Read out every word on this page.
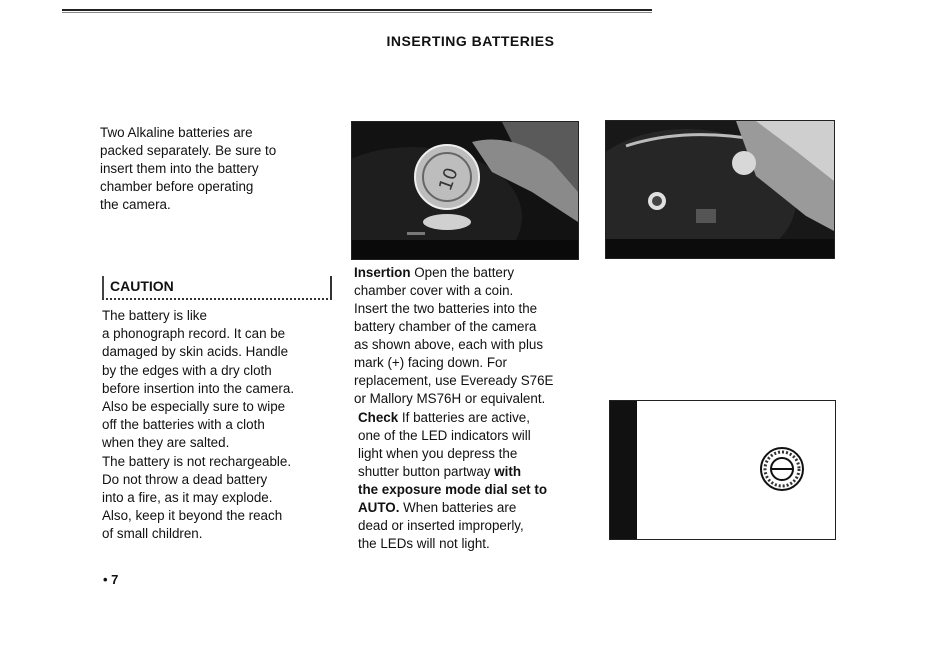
INSERTING BATTERIES
Two Alkaline batteries are
packed separately. Be sure to
insert them into the battery
chamber before operating
the camera.
CAUTION
The battery is like
a phonograph record. It can be
damaged by skin acids. Handle
by the edges with a dry cloth
before insertion into the camera.
Also be especially sure to wipe
off the batteries with a cloth
when they are salted.
The battery is not rechargeable.
Do not throw a dead battery
into a fire, as it may explode.
Also, keep it beyond the reach
of small children.
10
Insertion Open the battery
chamber cover with a coin.
Insert the two batteries into the
battery chamber of the camera
as shown above, each with plus
mark (+) facing down. For
replacement, use Eveready S76E
or Mallory MS76H or equivalent.
Check If batteries are active,
one of the LED indicators will
light when you depress the
shutter button partway with
the exposure mode dial set to
AUTO. When batteries are
dead or inserted improperly,
the LEDs will not light.
• 7
